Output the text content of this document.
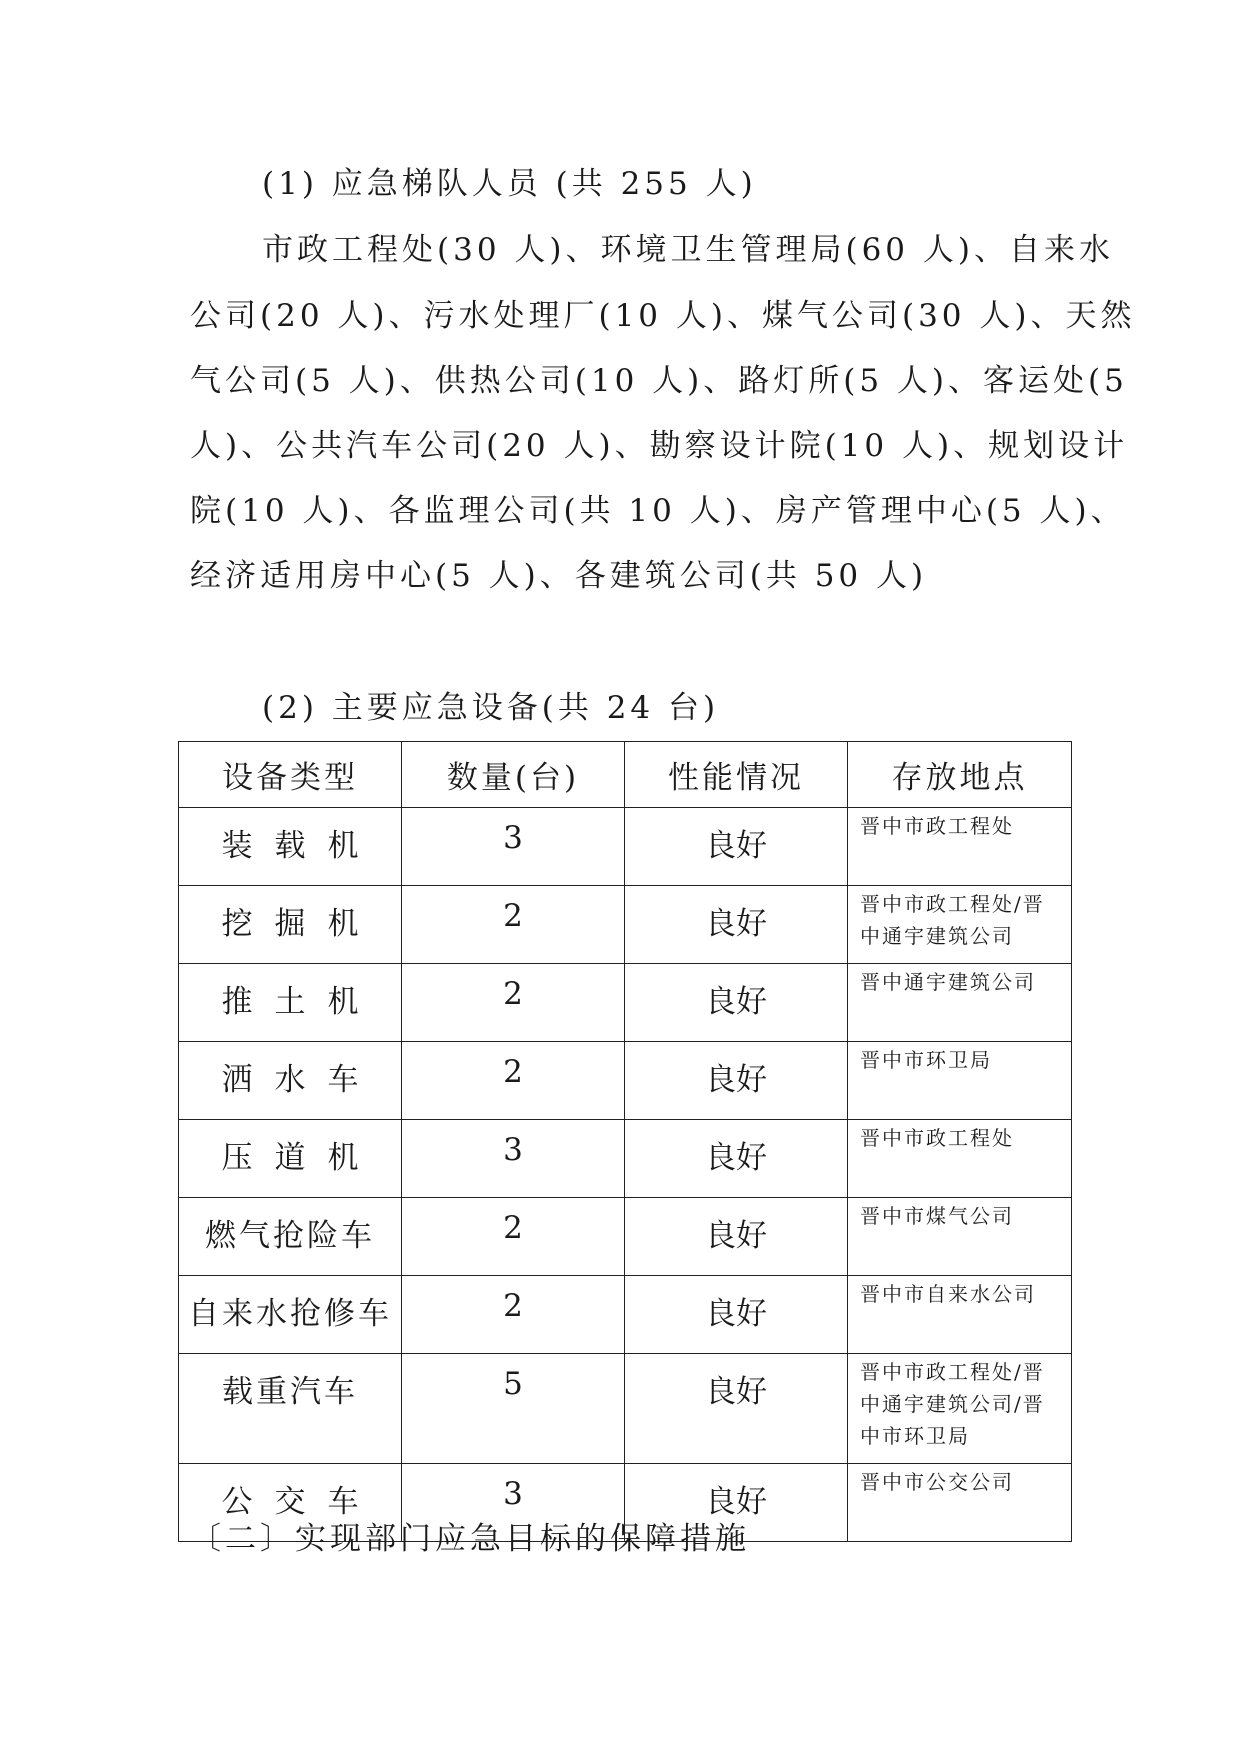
(1) 应急梯队人员 (共 255 人)
市政工程处(30 人)、环境卫生管理局(60 人)、自来水
公司(20 人)、污水处理厂(10 人)、煤气公司(30 人)、天然
气公司(5 人)、供热公司(10 人)、路灯所(5 人)、客运处(5
人)、公共汽车公司(20 人)、勘察设计院(10 人)、规划设计
院(10 人)、各监理公司(共 10 人)、房产管理中心(5 人)、
经济适用房中心(5 人)、各建筑公司(共 50 人)
(2) 主要应急设备(共 24 台)
设备类型	数量(台)	性能情况	存放地点
装载机	3	良好	晋中市政工程处
挖掘机	2	良好	晋中市政工程处/晋中通宇建筑公司
推土机	2	良好	晋中通宇建筑公司
洒水车	2	良好	晋中市环卫局
压道机	3	良好	晋中市政工程处
燃气抢险车	2	良好	晋中市煤气公司
自来水抢修车	2	良好	晋中市自来水公司
载重汽车	5	良好	晋中市政工程处/晋中通宇建筑公司/晋中市环卫局
公交车	3	良好	晋中市公交公司
〔二〕实现部门应急目标的保障措施
